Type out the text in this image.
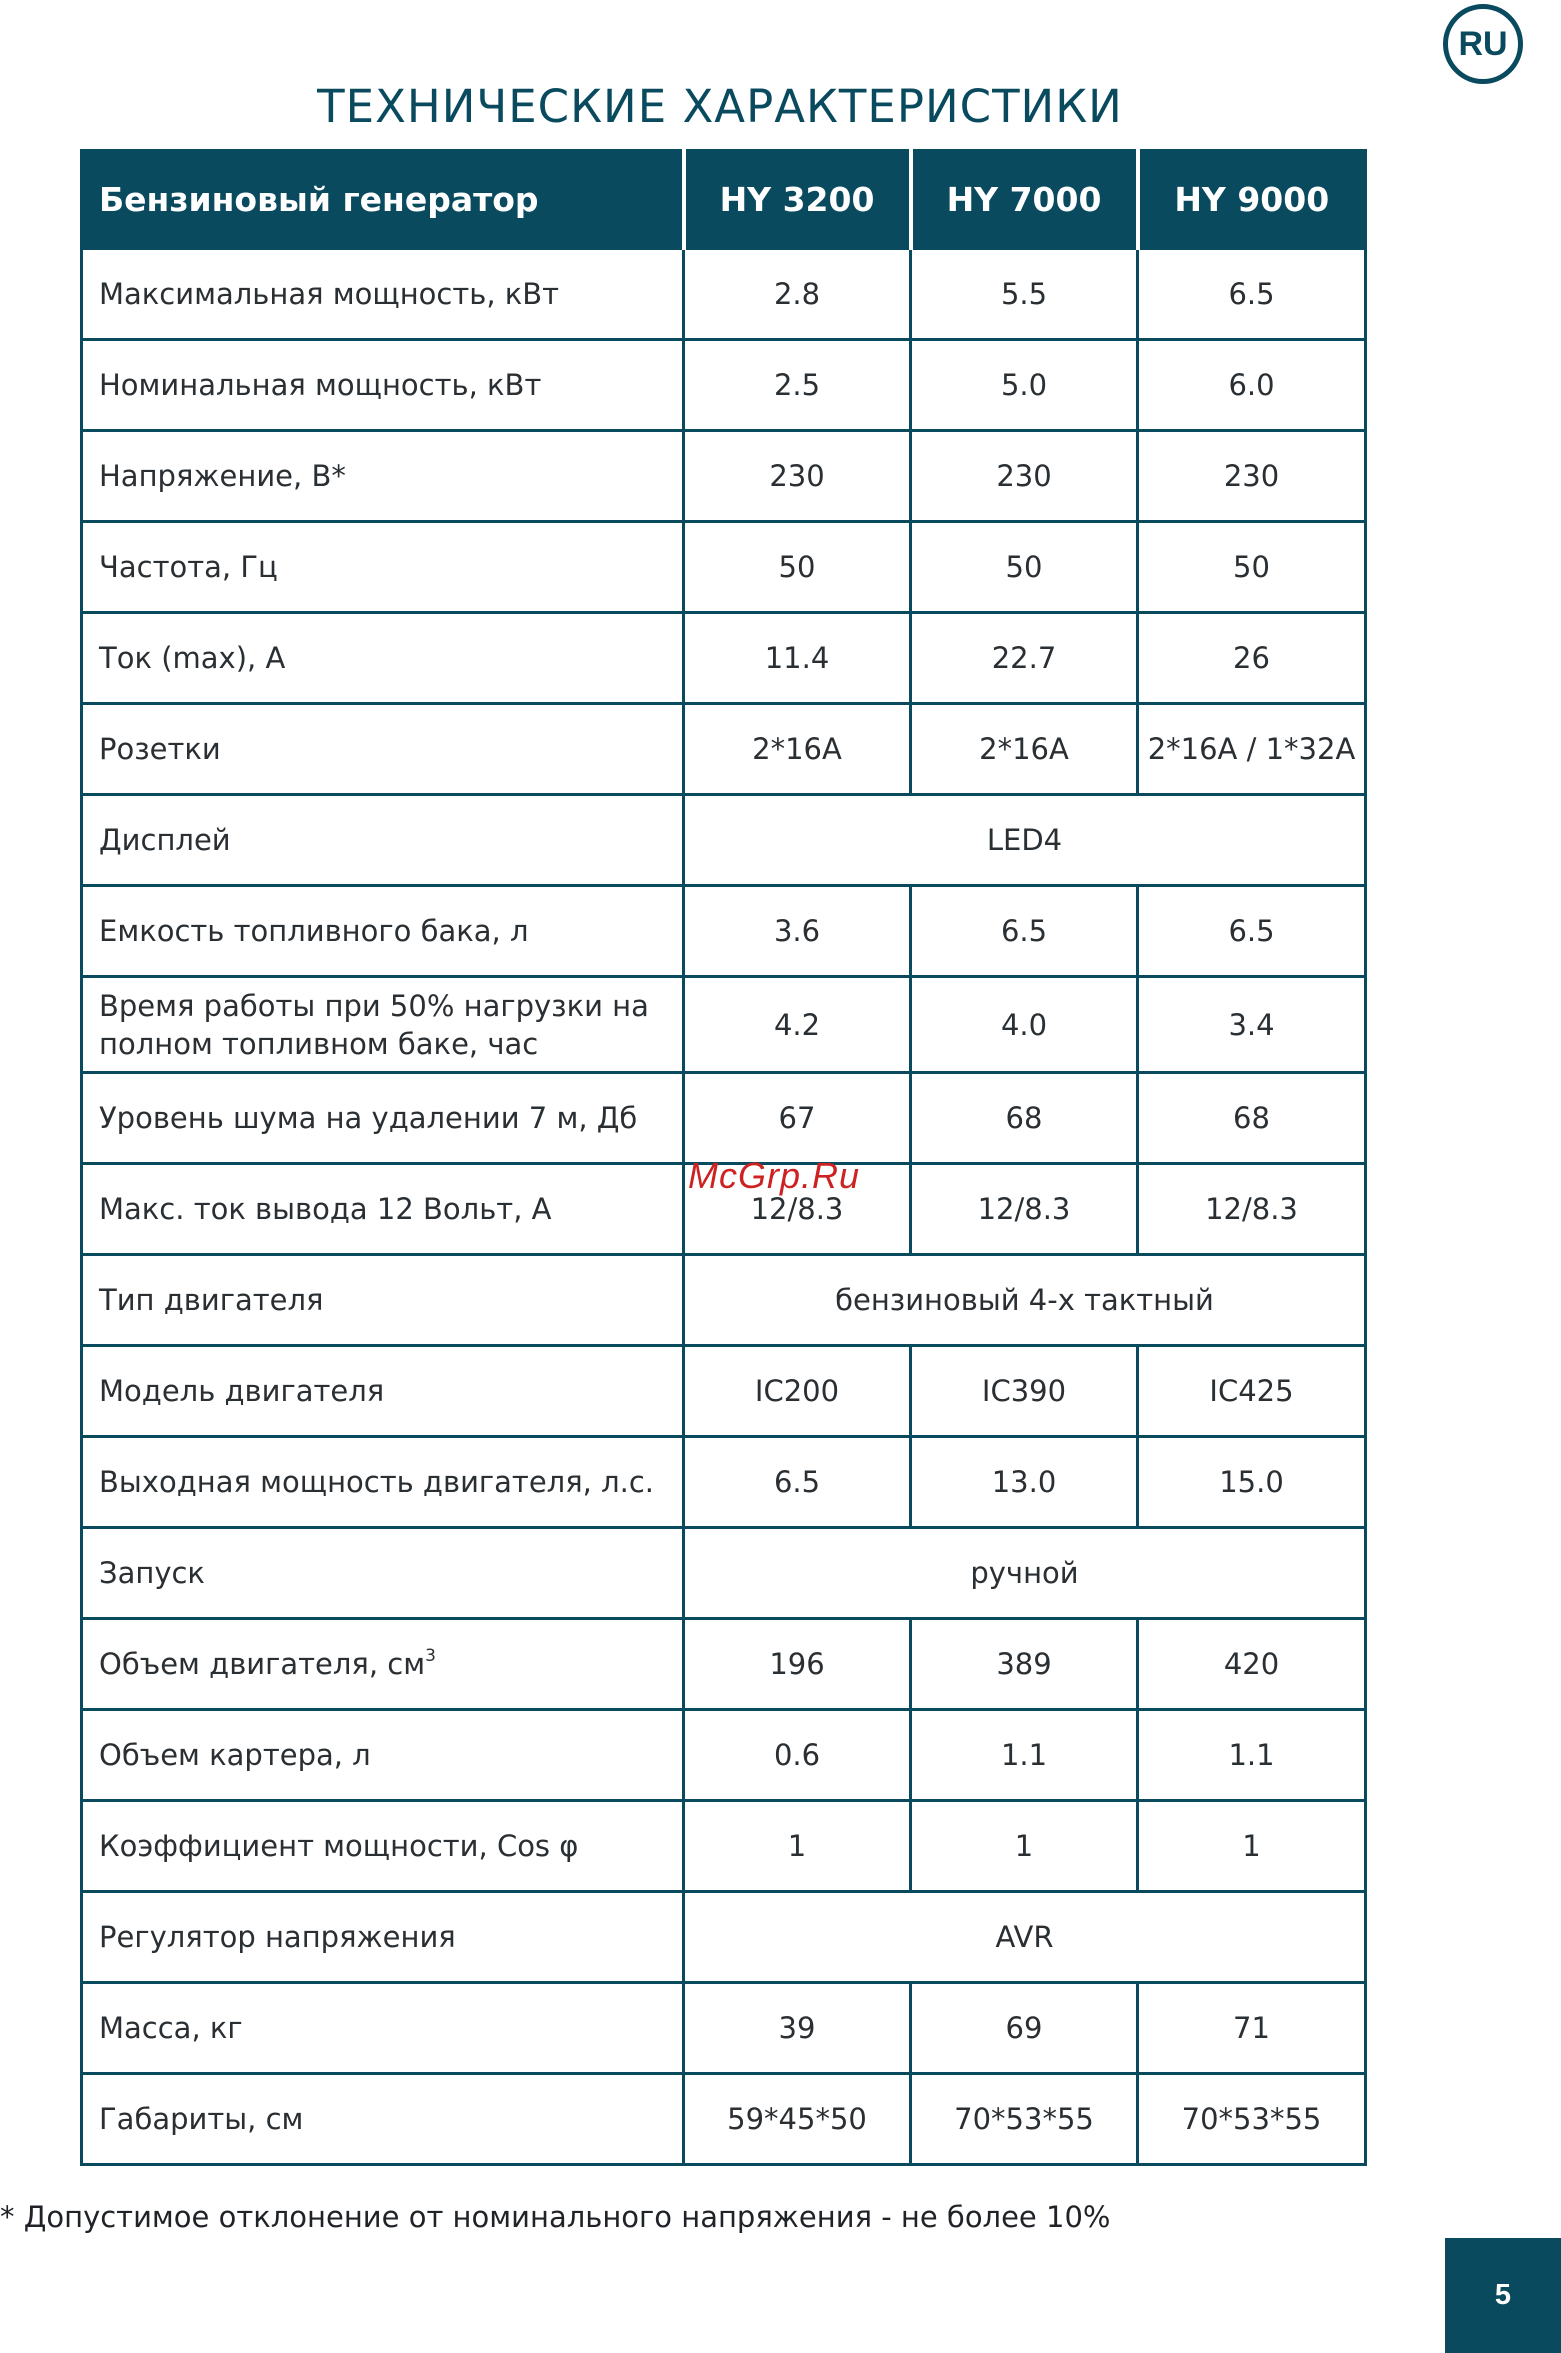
RU
ТЕХНИЧЕСКИЕ ХАРАКТЕРИСТИКИ
Бензиновый генератор	HY 3200	HY 7000	HY 9000
Максимальная мощность, кВт	2.8	5.5	6.5
Номинальная мощность, кВт	2.5	5.0	6.0
Напряжение, В*	230	230	230
Частота, Гц	50	50	50
Ток (max), А	11.4	22.7	26
Розетки	2*16А	2*16А	2*16А / 1*32А
Дисплей	LED4		
Емкость топливного бака, л	3.6	6.5	6.5
Время работы при 50% нагрузки на полном топливном баке, час	4.2	4.0	3.4
Уровень шума на удалении 7 м, Дб	67	68	68
Макс. ток вывода 12 Вольт, А	12/8.3	12/8.3	12/8.3
Тип двигателя	бензиновый 4-х тактный		
Модель двигателя	IC200	IC390	IC425
Выходная мощность двигателя, л.с.	6.5	13.0	15.0
Запуск	ручной		
Объем двигателя, $см^3$	196	389	420
Объем картера, л	0.6	1.1	1.1
Коэффициент мощности, Cos φ	1	1	1
Регулятор напряжения	AVR		
Масса, кг	39	69	71
Габариты, см	59*45*50	70*53*55	70*53*55
McGrp.Ru
* Допустимое отклонение от номинального напряжения - не более 10%
5
